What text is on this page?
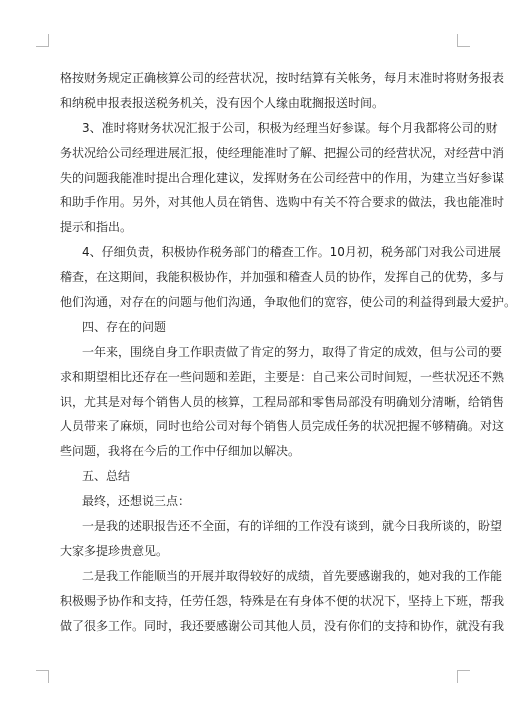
格按财务规定正确核算公司的经营状况，按时结算有关帐务，每月末准时将财务报表
和纳税申报表报送税务机关，没有因个人缘由耽搁报送时间。
3、准时将财务状况汇报于公司，积极为经理当好参谋。每个月我都将公司的财
务状况给公司经理进展汇报，使经理能准时了解、把握公司的经营状况，对经营中消
失的问题我能准时提出合理化建议，发挥财务在公司经营中的作用，为建立当好参谋
和助手作用。另外，对其他人员在销售、选购中有关不符合要求的做法，我也能准时
提示和指出。
4、仔细负责，积极协作税务部门的稽查工作。10月初，税务部门对我公司进展
稽查，在这期间，我能积极协作，并加强和稽查人员的协作，发挥自己的优势，多与
他们沟通，对存在的问题与他们沟通，争取他们的宽容，使公司的利益得到最大爱护。
四、存在的问题
一年来，围绕自身工作职责做了肯定的努力，取得了肯定的成效，但与公司的要
求和期望相比还存在一些问题和差距，主要是：自己来公司时间短，一些状况还不熟
识，尤其是对每个销售人员的核算，工程局部和零售局部没有明确划分清晰，给销售
人员带来了麻烦，同时也给公司对每个销售人员完成任务的状况把握不够精确。对这
些问题，我将在今后的工作中仔细加以解决。
五、总结
最终，还想说三点：
一是我的述职报告还不全面，有的详细的工作没有谈到，就今日我所谈的，盼望
大家多提珍贵意见。
二是我工作能顺当的开展并取得较好的成绩，首先要感谢我的，她对我的工作能
积极赐予协作和支持，任劳任怨，特殊是在有身体不便的状况下，坚持上下班，帮我
做了很多工作。同时，我还要感谢公司其他人员，没有你们的支持和协作，就没有我
